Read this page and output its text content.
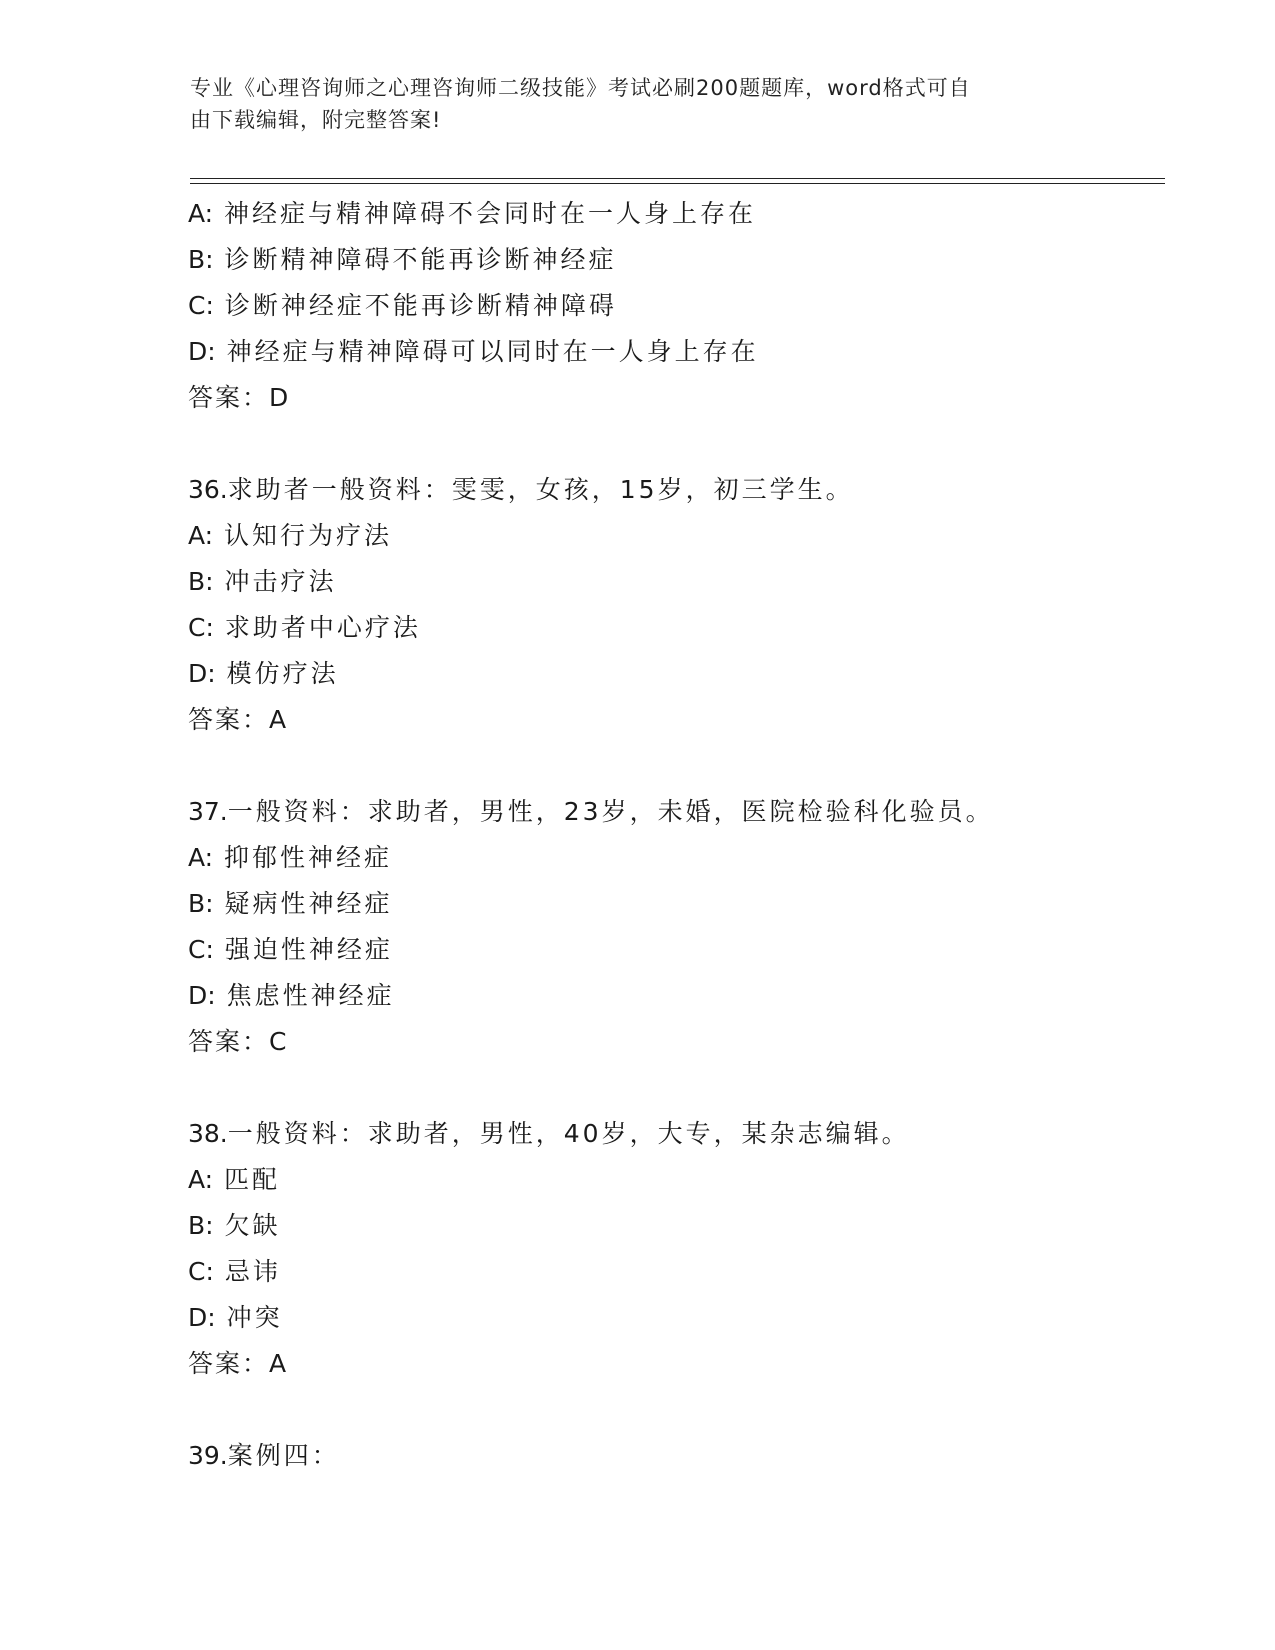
专业《心理咨询师之心理咨询师二级技能》考试必刷200题题库，word格式可自
由下载编辑，附完整答案!
A: 神经症与精神障碍不会同时在一人身上存在
B: 诊断精神障碍不能再诊断神经症
C: 诊断神经症不能再诊断精神障碍
D: 神经症与精神障碍可以同时在一人身上存在
答案：D
36.求助者一般资料：雯雯，女孩，15岁，初三学生。
A: 认知行为疗法
B: 冲击疗法
C: 求助者中心疗法
D: 模仿疗法
答案：A
37.一般资料：求助者，男性，23岁，未婚，医院检验科化验员。
A: 抑郁性神经症
B: 疑病性神经症
C: 强迫性神经症
D: 焦虑性神经症
答案：C
38.一般资料：求助者，男性，40岁，大专，某杂志编辑。
A: 匹配
B: 欠缺
C: 忌讳
D: 冲突
答案：A
39.案例四：
